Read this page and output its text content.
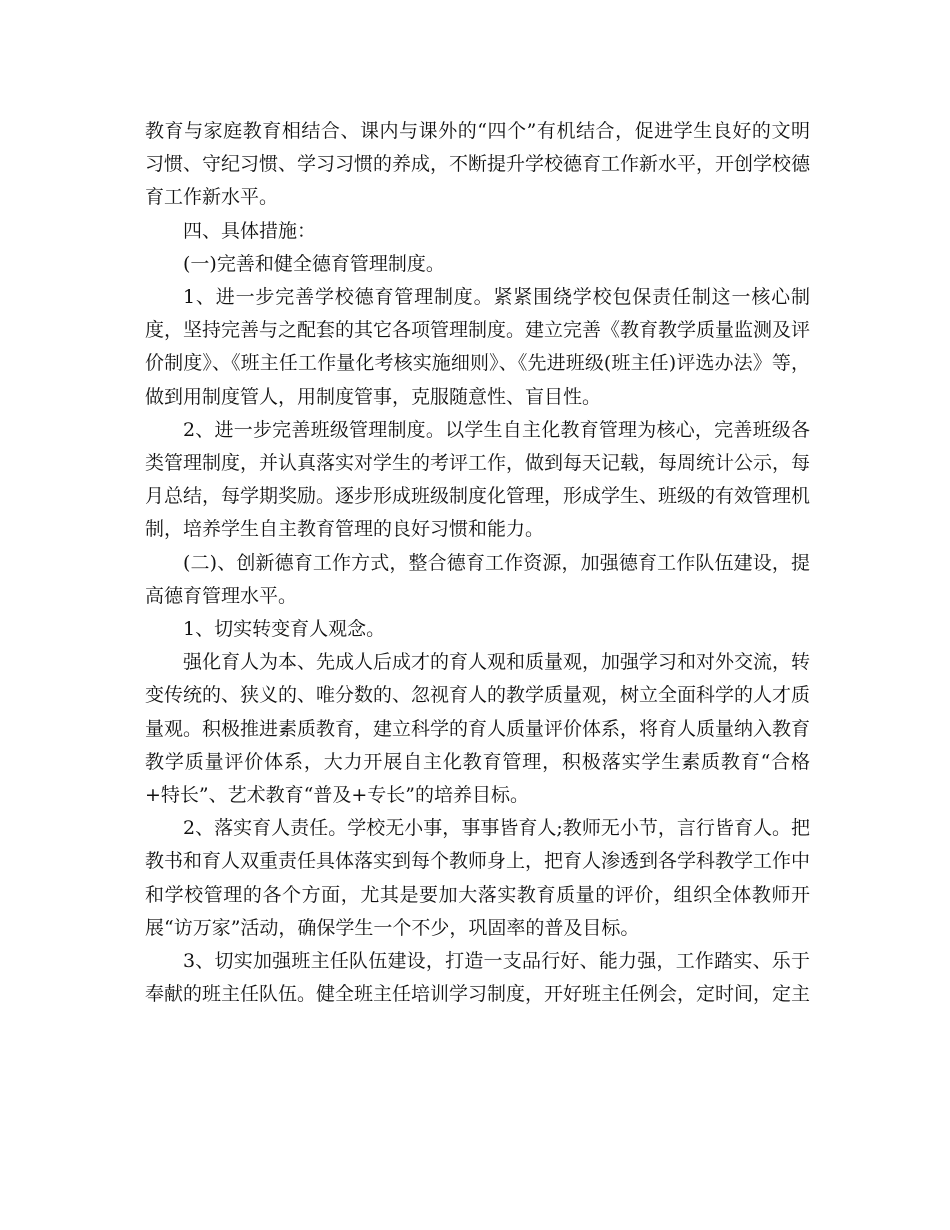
教育与家庭教育相结合、课内与课外的“四个”有机结合，促进学生良好的文明习惯、守纪习惯、学习习惯的养成，不断提升学校德育工作新水平，开创学校德育工作新水平。

四、具体措施：

(一)完善和健全德育管理制度。

1、进一步完善学校德育管理制度。紧紧围绕学校包保责任制这一核心制度，坚持完善与之配套的其它各项管理制度。建立完善《教育教学质量监测及评价制度》、《班主任工作量化考核实施细则》、《先进班级(班主任)评选办法》等，做到用制度管人，用制度管事，克服随意性、盲目性。

2、进一步完善班级管理制度。以学生自主化教育管理为核心，完善班级各类管理制度，并认真落实对学生的考评工作，做到每天记载，每周统计公示，每月总结，每学期奖励。逐步形成班级制度化管理，形成学生、班级的有效管理机制，培养学生自主教育管理的良好习惯和能力。

(二)、创新德育工作方式，整合德育工作资源，加强德育工作队伍建设，提高德育管理水平。

1、切实转变育人观念。

强化育人为本、先成人后成才的育人观和质量观，加强学习和对外交流，转变传统的、狭义的、唯分数的、忽视育人的教学质量观，树立全面科学的人才质量观。积极推进素质教育，建立科学的育人质量评价体系，将育人质量纳入教育教学质量评价体系，大力开展自主化教育管理，积极落实学生素质教育“合格+特长”、艺术教育“普及+专长”的培养目标。

2、落实育人责任。学校无小事，事事皆育人;教师无小节，言行皆育人。把教书和育人双重责任具体落实到每个教师身上，把育人渗透到各学科教学工作中和学校管理的各个方面，尤其是要加大落实教育质量的评价，组织全体教师开展“访万家”活动，确保学生一个不少，巩固率的普及目标。

3、切实加强班主任队伍建设，打造一支品行好、能力强，工作踏实、乐于奉献的班主任队伍。健全班主任培训学习制度，开好班主任例会，定时间，定主
